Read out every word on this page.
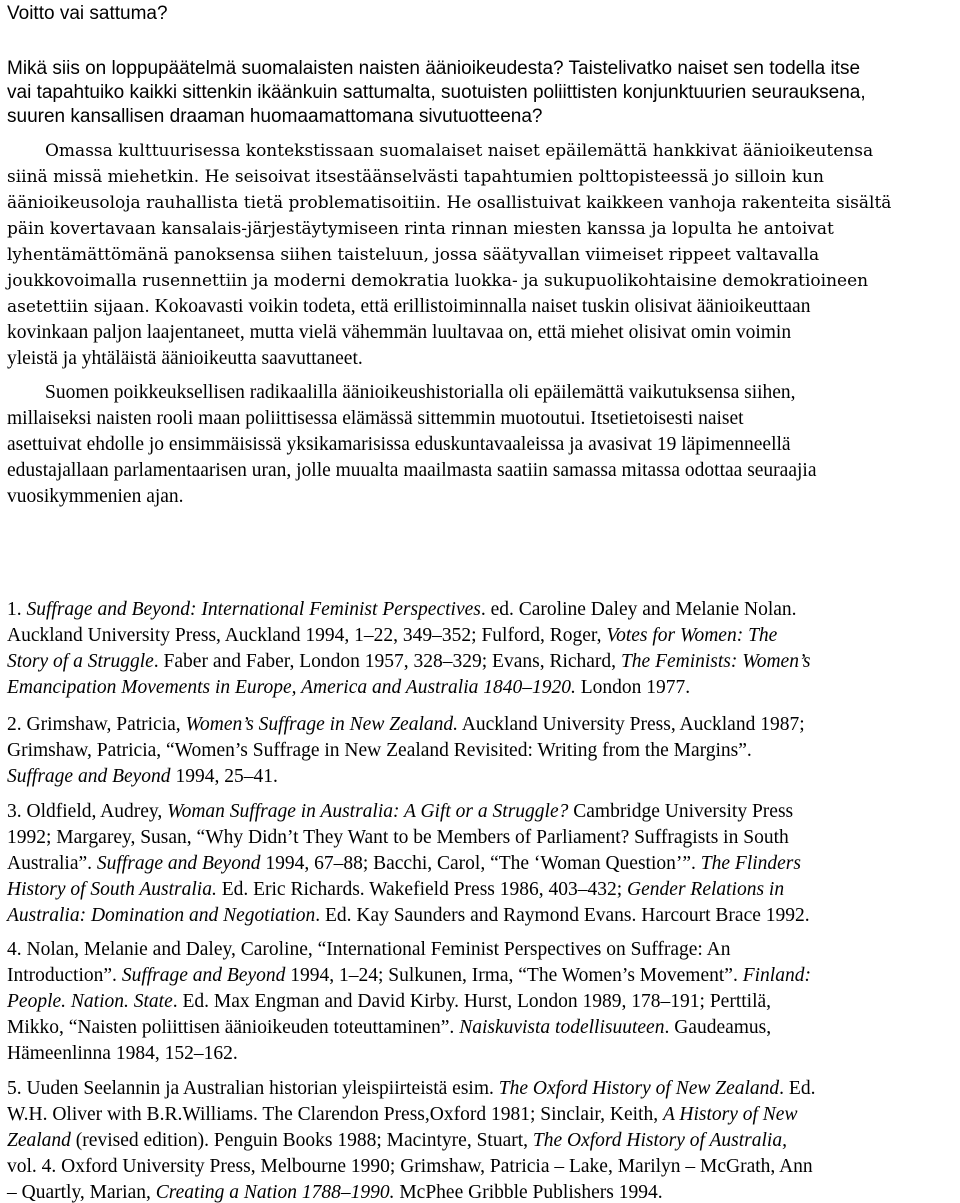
Voitto vai sattuma?
Mikä siis on loppupäätelmä suomalaisten naisten äänioikeudesta? Taistelivatko naiset sen todella itse
vai tapahtuiko kaikki sittenkin ikäänkuin sattumalta, suotuisten poliittisten konjunktuurien seurauksena,
suuren kansallisen draaman huomaamattomana sivutuotteena?
Omassa kulttuurisessa kontekstissaan suomalaiset naiset epäilemättä hankkivat äänioikeutensa
siinä missä miehetkin. He seisoivat itsestäänselvästi tapahtumien polttopisteessä jo silloin kun
äänioikeusoloja rauhallista tietä problematisoitiin. He osallistuivat kaikkeen vanhoja rakenteita sisältä
päin kovertavaan kansalais-järjestäytymiseen rinta rinnan miesten kanssa ja lopulta he antoivat
lyhentämättömänä panoksensa siihen taisteluun, jossa säätyvallan viimeiset rippeet valtavalla
joukkovoimalla rusennettiin ja moderni demokratia luokka- ja sukupuolikohtaisine demokratioineen
asetettiin sijaan. Kokoavasti voikin todeta, että erillistoiminnalla naiset tuskin olisivat äänioikeuttaan
kovinkaan paljon laajentaneet, mutta vielä vähemmän luultavaa on, että miehet olisivat omin voimin
yleistä ja yhtäläistä äänioikeutta saavuttaneet.
Suomen poikkeuksellisen radikaalilla äänioikeushistorialla oli epäilemättä vaikutuksensa siihen,
millaiseksi naisten rooli maan poliittisessa elämässä sittemmin muotoutui. Itsetietoisesti naiset
asettuivat ehdolle jo ensimmäisissä yksikamarisissa eduskuntavaaleissa ja avasivat 19 läpimenneellä
edustajallaan parlamentaarisen uran, jolle muualta maailmasta saatiin samassa mitassa odottaa seuraajia
vuosikymmenien ajan.
1. Suffrage and Beyond: International Feminist Perspectives. ed. Caroline Daley and Melanie Nolan.
Auckland University Press, Auckland 1994, 1–22, 349–352; Fulford, Roger, Votes for Women: The
Story of a Struggle. Faber and Faber, London 1957, 328–329; Evans, Richard, The Feminists: Women’s
Emancipation Movements in Europe, America and Australia 1840–1920. London 1977.
2. Grimshaw, Patricia, Women’s Suffrage in New Zealand. Auckland University Press, Auckland 1987;
Grimshaw, Patricia, “Women’s Suffrage in New Zealand Revisited: Writing from the Margins”.
Suffrage and Beyond 1994, 25–41.
3. Oldfield, Audrey, Woman Suffrage in Australia: A Gift or a Struggle? Cambridge University Press
1992; Margarey, Susan, “Why Didn’t They Want to be Members of Parliament? Suffragists in South
Australia”. Suffrage and Beyond 1994, 67–88; Bacchi, Carol, “The ‘Woman Question’”. The Flinders
History of South Australia. Ed. Eric Richards. Wakefield Press 1986, 403–432; Gender Relations in
Australia: Domination and Negotiation. Ed. Kay Saunders and Raymond Evans. Harcourt Brace 1992.
4. Nolan, Melanie and Daley, Caroline, “International Feminist Perspectives on Suffrage: An
Introduction”. Suffrage and Beyond 1994, 1–24; Sulkunen, Irma, “The Women’s Movement”. Finland:
People. Nation. State. Ed. Max Engman and David Kirby. Hurst, London 1989, 178–191; Perttilä,
Mikko, “Naisten poliittisen äänioikeuden toteuttaminen”. Naiskuvista todellisuuteen. Gaudeamus,
Hämeenlinna 1984, 152–162.
5. Uuden Seelannin ja Australian historian yleispiirteistä esim. The Oxford History of New Zealand. Ed.
W.H. Oliver with B.R.Williams. The Clarendon Press,Oxford 1981; Sinclair, Keith, A History of New
Zealand (revised edition). Penguin Books 1988; Macintyre, Stuart, The Oxford History of Australia,
vol. 4. Oxford University Press, Melbourne 1990; Grimshaw, Patricia – Lake, Marilyn – McGrath, Ann
– Quartly, Marian, Creating a Nation 1788–1990. McPhee Gribble Publishers 1994.
